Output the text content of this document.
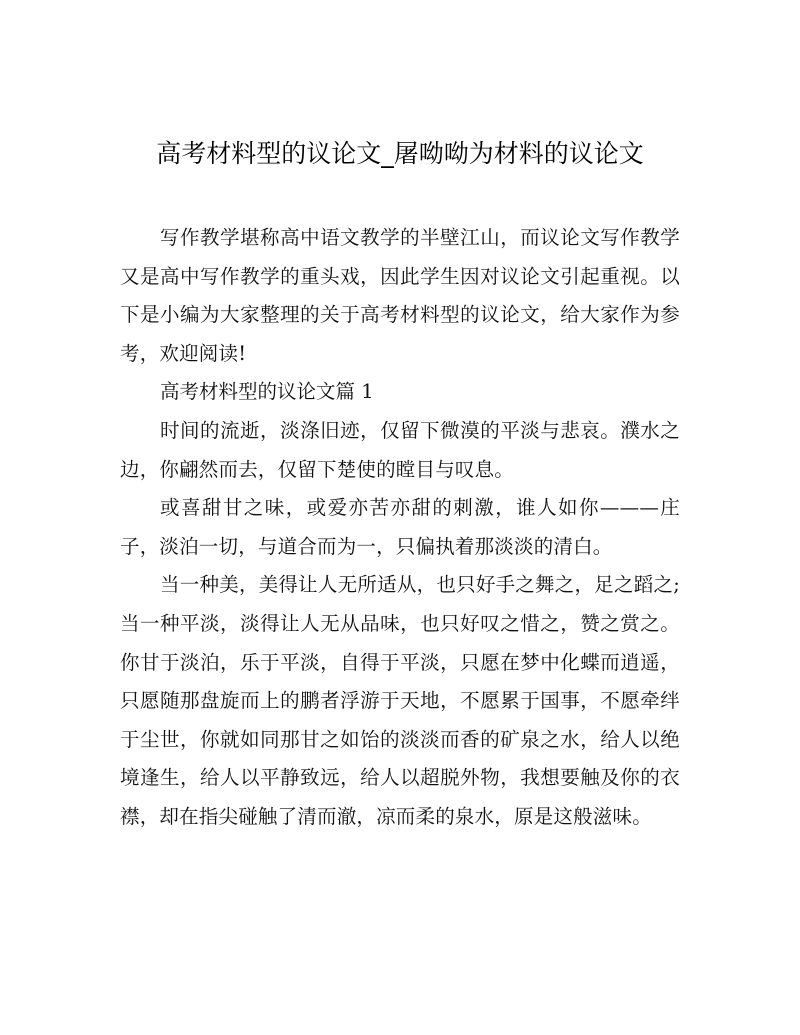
高考材料型的议论文_屠呦呦为材料的议论文

写作教学堪称高中语文教学的半壁江山，而议论文写作教学又是高中写作教学的重头戏，因此学生因对议论文引起重视。以下是小编为大家整理的关于高考材料型的议论文，给大家作为参考，欢迎阅读!

高考材料型的议论文篇 1

时间的流逝，淡涤旧迹，仅留下微漠的平淡与悲哀。濮水之边，你翩然而去，仅留下楚使的瞠目与叹息。

或喜甜甘之味，或爱亦苦亦甜的刺激，谁人如你———庄子，淡泊一切，与道合而为一，只偏执着那淡淡的清白。

当一种美，美得让人无所适从，也只好手之舞之，足之蹈之;当一种平淡，淡得让人无从品味，也只好叹之惜之，赞之赏之。你甘于淡泊，乐于平淡，自得于平淡，只愿在梦中化蝶而逍遥，只愿随那盘旋而上的鹏者浮游于天地，不愿累于国事，不愿牵绊于尘世，你就如同那甘之如饴的淡淡而香的矿泉之水，给人以绝境逢生，给人以平静致远，给人以超脱外物，我想要触及你的衣襟，却在指尖碰触了清而澈，凉而柔的泉水，原是这般滋味。
